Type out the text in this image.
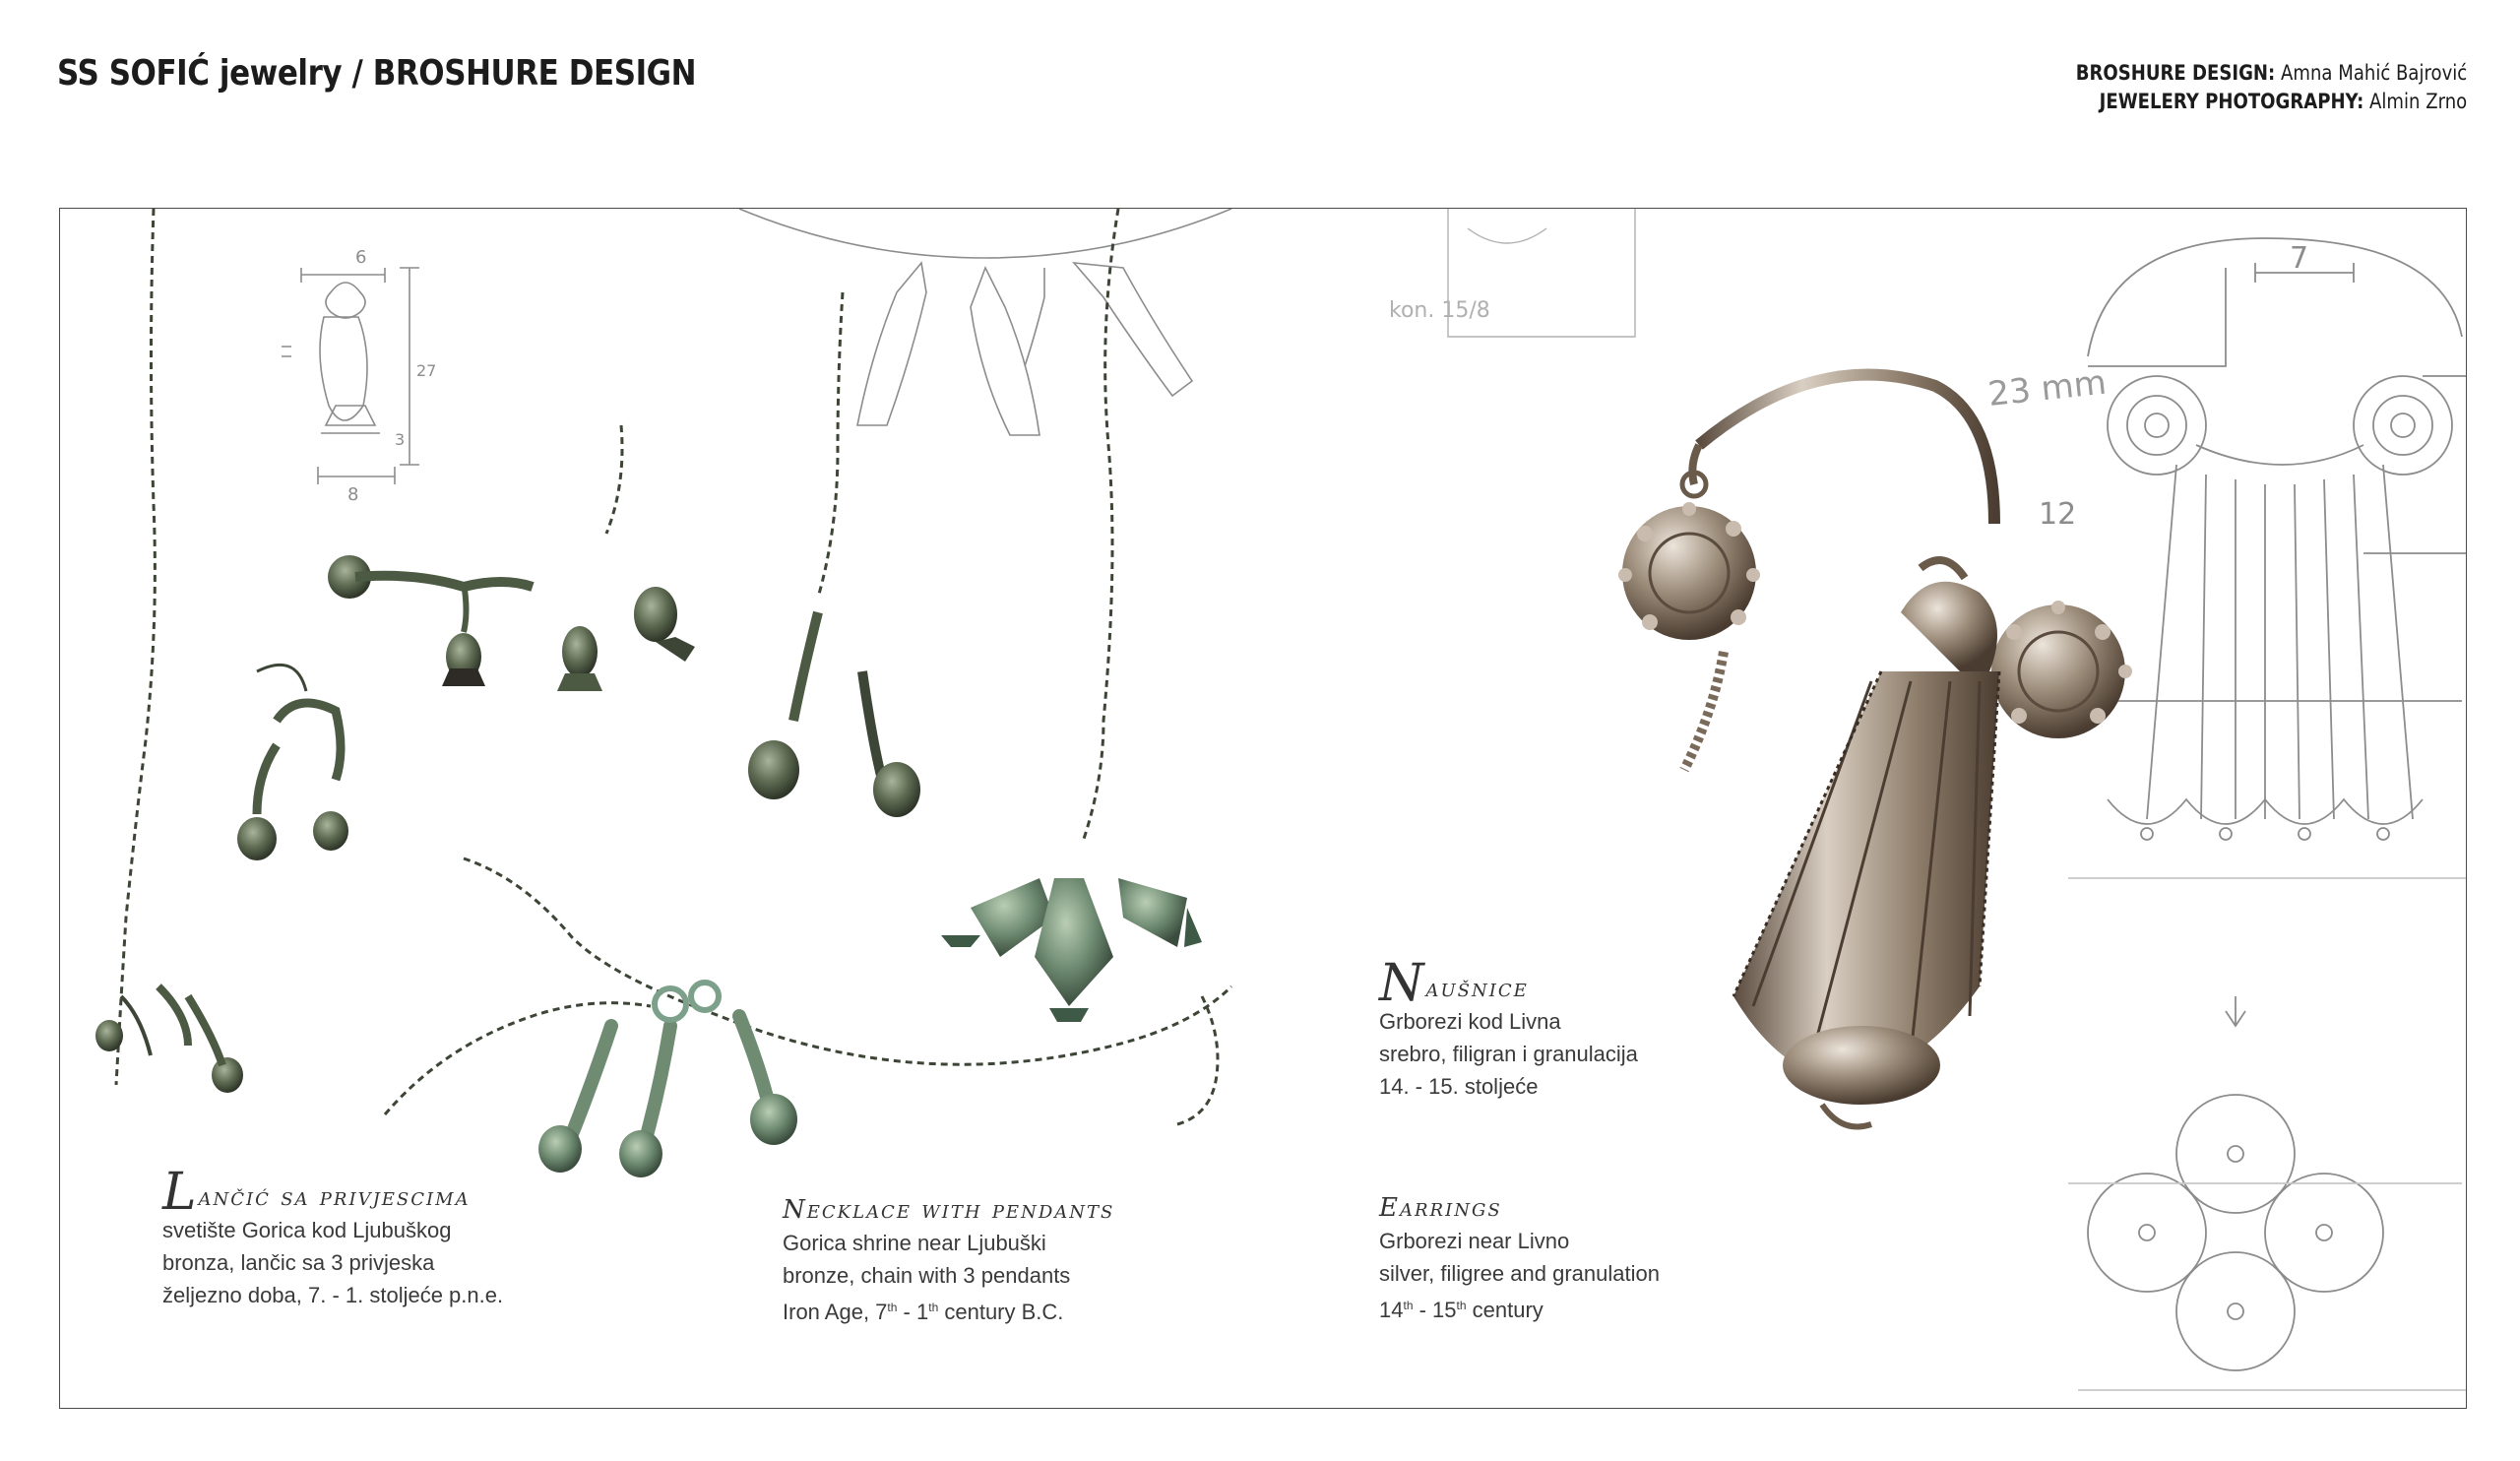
SS SOFIĆ jewelry / BROSHURE DESIGN	BROSHURE DESIGN: Amna Mahić Bajrović
JEWELERY PHOTOGRAPHY: Almin Zrno
6
8
27
3
kon. 15/8
23 mm
7
12
Lančić sa privjescima
svetište Gorica kod Ljubuškog
bronza, lančic sa 3 privjeska
željezno doba, 7. - 1. stoljeće p.n.e.
Necklace with pendants
Gorica shrine near Ljubuški
bronze, chain with 3 pendants
Iron Age, 7th - 1th century B.C.
Naušnice
Grborezi kod Livna
srebro, filigran i granulacija
14. - 15. stoljeće
Earrings
Grborezi near Livno
silver, filigree and granulation
14th - 15th century
